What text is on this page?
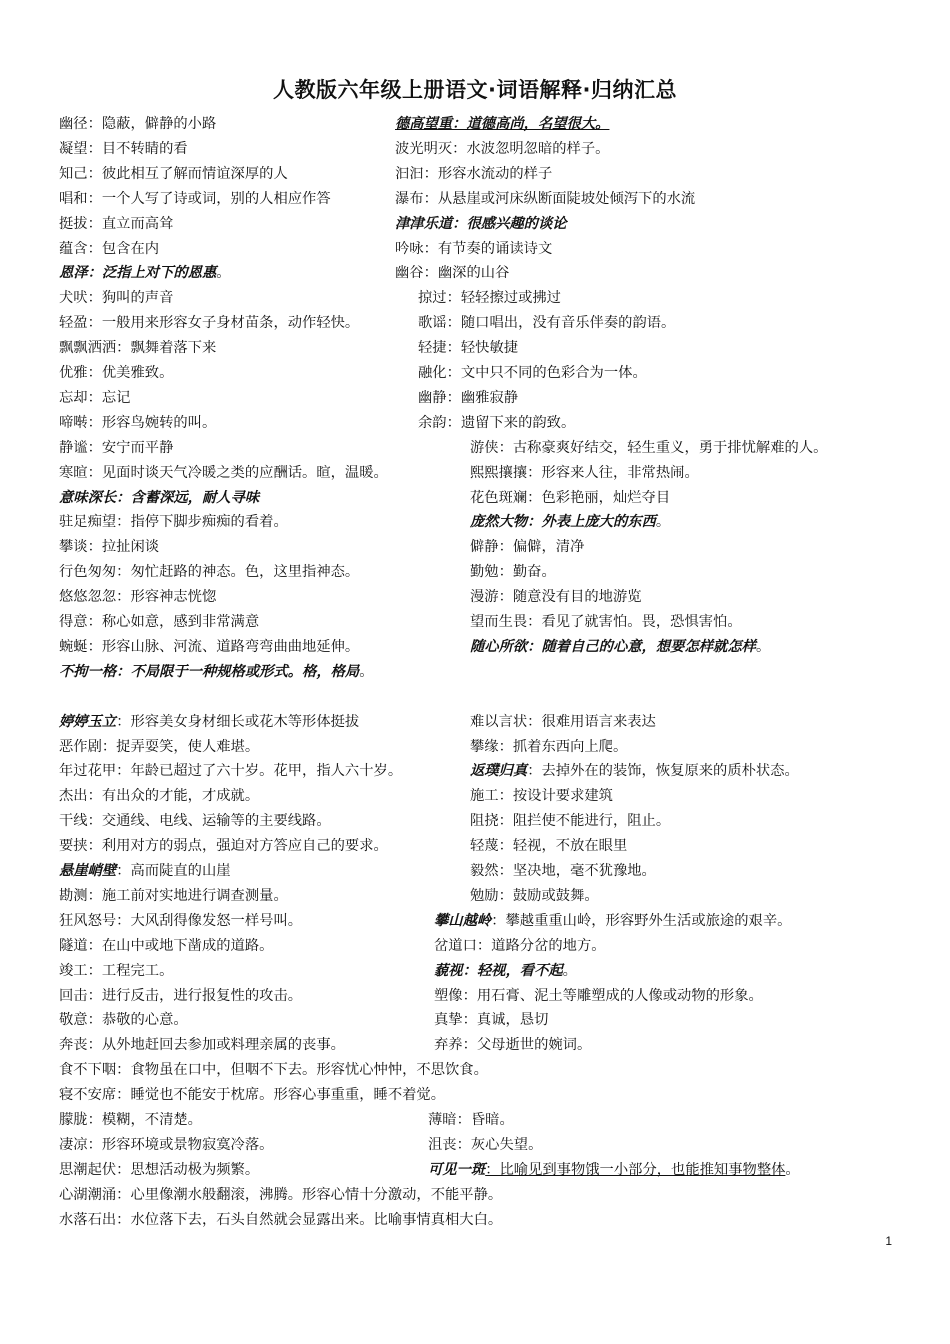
人教版六年级上册语文·词语解释·归纳汇总
幽径：隐蔽，僻静的小路
凝望：目不转睛的看
知己：彼此相互了解而情谊深厚的人
唱和：一个人写了诗或词，别的人相应作答
挺拔：直立而高耸
蕴含：包含在内
恩泽：泛指上对下的恩惠。
犬吠：狗叫的声音
轻盈：一般用来形容女子身材苗条，动作轻快。
飘飘洒洒：飘舞着落下来
优雅：优美雅致。
忘却：忘记
啼啭：形容鸟婉转的叫。
静谧：安宁而平静
寒暄：见面时谈天气冷暖之类的应酬话。暄，温暖。
意味深长：含蓄深远，耐人寻味
驻足痴望：指停下脚步痴痴的看着。
攀谈：拉扯闲谈
行色匆匆：匆忙赶路的神态。色，这里指神态。
悠悠忽忽：形容神志恍惚
得意：称心如意，感到非常满意
蜿蜒：形容山脉、河流、道路弯弯曲曲地延伸。
不拘一格：不局限于一种规格或形式。格，格局。
婷婷玉立：形容美女身材细长或花木等形体挺拔
恶作剧：捉弄耍笑，使人难堪。
年过花甲：年龄已超过了六十岁。花甲，指人六十岁。
杰出：有出众的才能，才成就。
干线：交通线、电线、运输等的主要线路。
要挟：利用对方的弱点，强迫对方答应自己的要求。
悬崖峭壁：高而陡直的山崖
勘测：施工前对实地进行调查测量。
狂风怒号：大风刮得像发怒一样号叫。
隧道：在山中或地下凿成的道路。
竣工：工程完工。
回击：进行反击，进行报复性的攻击。
敬意：恭敬的心意。
奔丧：从外地赶回去参加或料理亲属的丧事。
食不下咽：食物虽在口中，但咽不下去。形容忧心忡忡，不思饮食。
寝不安席：睡觉也不能安于枕席。形容心事重重，睡不着觉。
朦胧：模糊，不清楚。
凄凉：形容环境或景物寂寞冷落。
思潮起伏：思想活动极为频繁。
心湖潮涌：心里像潮水般翻滚，沸腾。形容心情十分激动，不能平静。
水落石出：水位落下去，石头自然就会显露出来。比喻事情真相大白。
德高望重：道德高尚，名望很大。
波光明灭：水波忽明忽暗的样子。
汩汩：形容水流动的样子
瀑布：从悬崖或河床纵断面陡坡处倾泻下的水流
津津乐道：很感兴趣的谈论
吟咏：有节奏的诵读诗文
幽谷：幽深的山谷
掠过：轻轻擦过或拂过
歌谣：随口唱出，没有音乐伴奏的韵语。
轻捷：轻快敏捷
融化：文中只不同的色彩合为一体。
幽静：幽雅寂静
余韵：遗留下来的韵致。
游侠：古称豪爽好结交，轻生重义，勇于排忧解难的人。
熙熙攘攘：形容来人往，非常热闹。
花色斑斓：色彩艳丽，灿烂夺目
庞然大物：外表上庞大的东西。
僻静：偏僻，清净
勤勉：勤奋。
漫游：随意没有目的地游览
望而生畏：看见了就害怕。畏，恐惧害怕。
随心所欲：随着自己的心意，想要怎样就怎样。
难以言状：很难用语言来表达
攀缘：抓着东西向上爬。
返璞归真：去掉外在的装饰，恢复原来的质朴状态。
施工：按设计要求建筑
阻挠：阻拦使不能进行，阻止。
轻蔑：轻视，不放在眼里
毅然：坚决地，毫不犹豫地。
勉励：鼓励或鼓舞。
攀山越岭：攀越重重山岭，形容野外生活或旅途的艰辛。
岔道口：道路分岔的地方。
藐视：轻视，看不起。
塑像：用石膏、泥土等雕塑成的人像或动物的形象。
真挚：真诚，恳切
弃养：父母逝世的婉词。
薄暗：昏暗。
沮丧：灰心失望。
可见一斑：比喻见到事物饿一小部分，也能推知事物整体。
1
